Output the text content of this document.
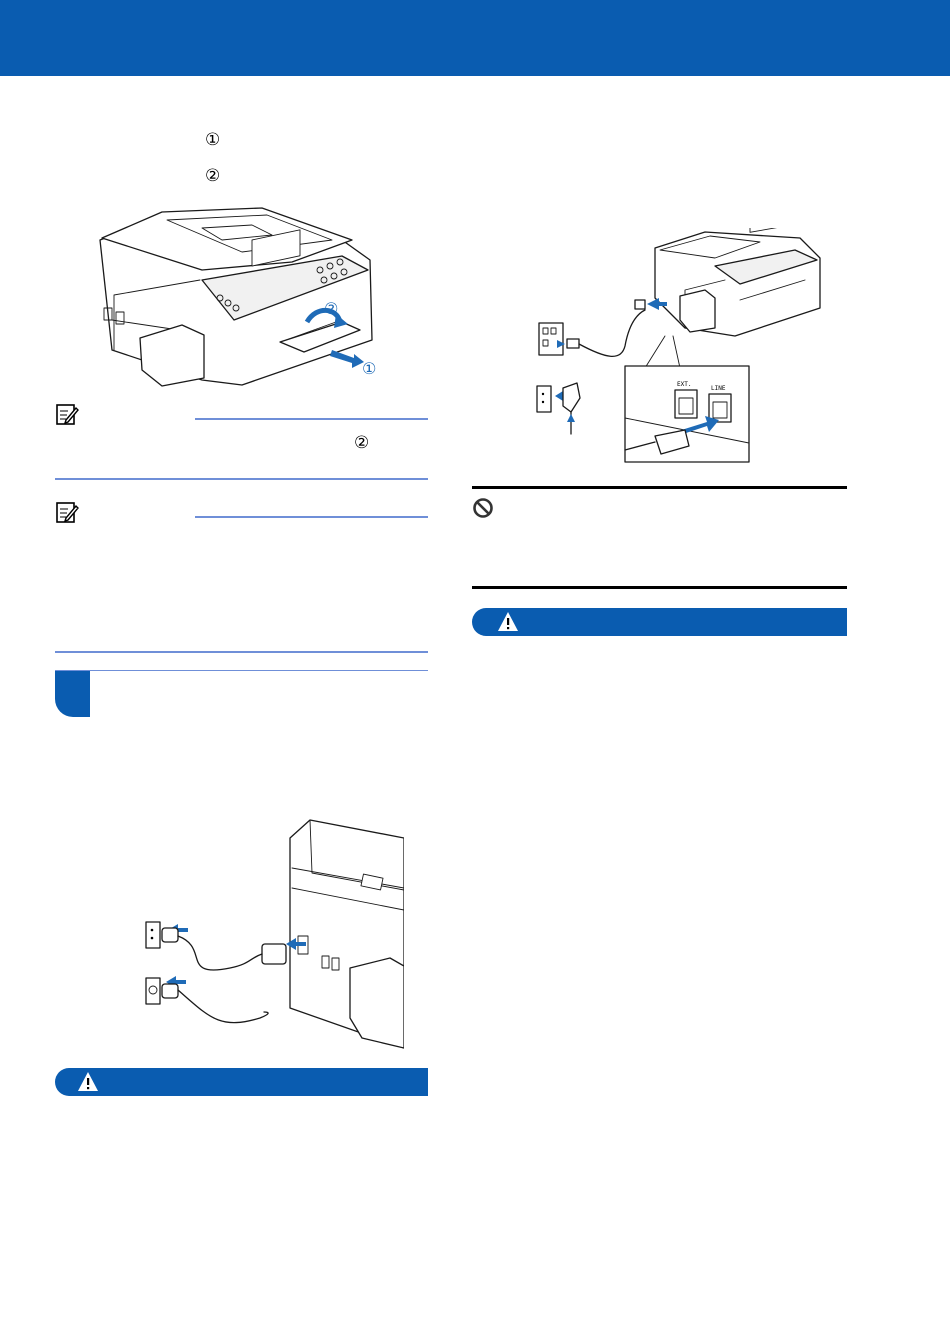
①
②
②
①
②
EXT.
LINE
